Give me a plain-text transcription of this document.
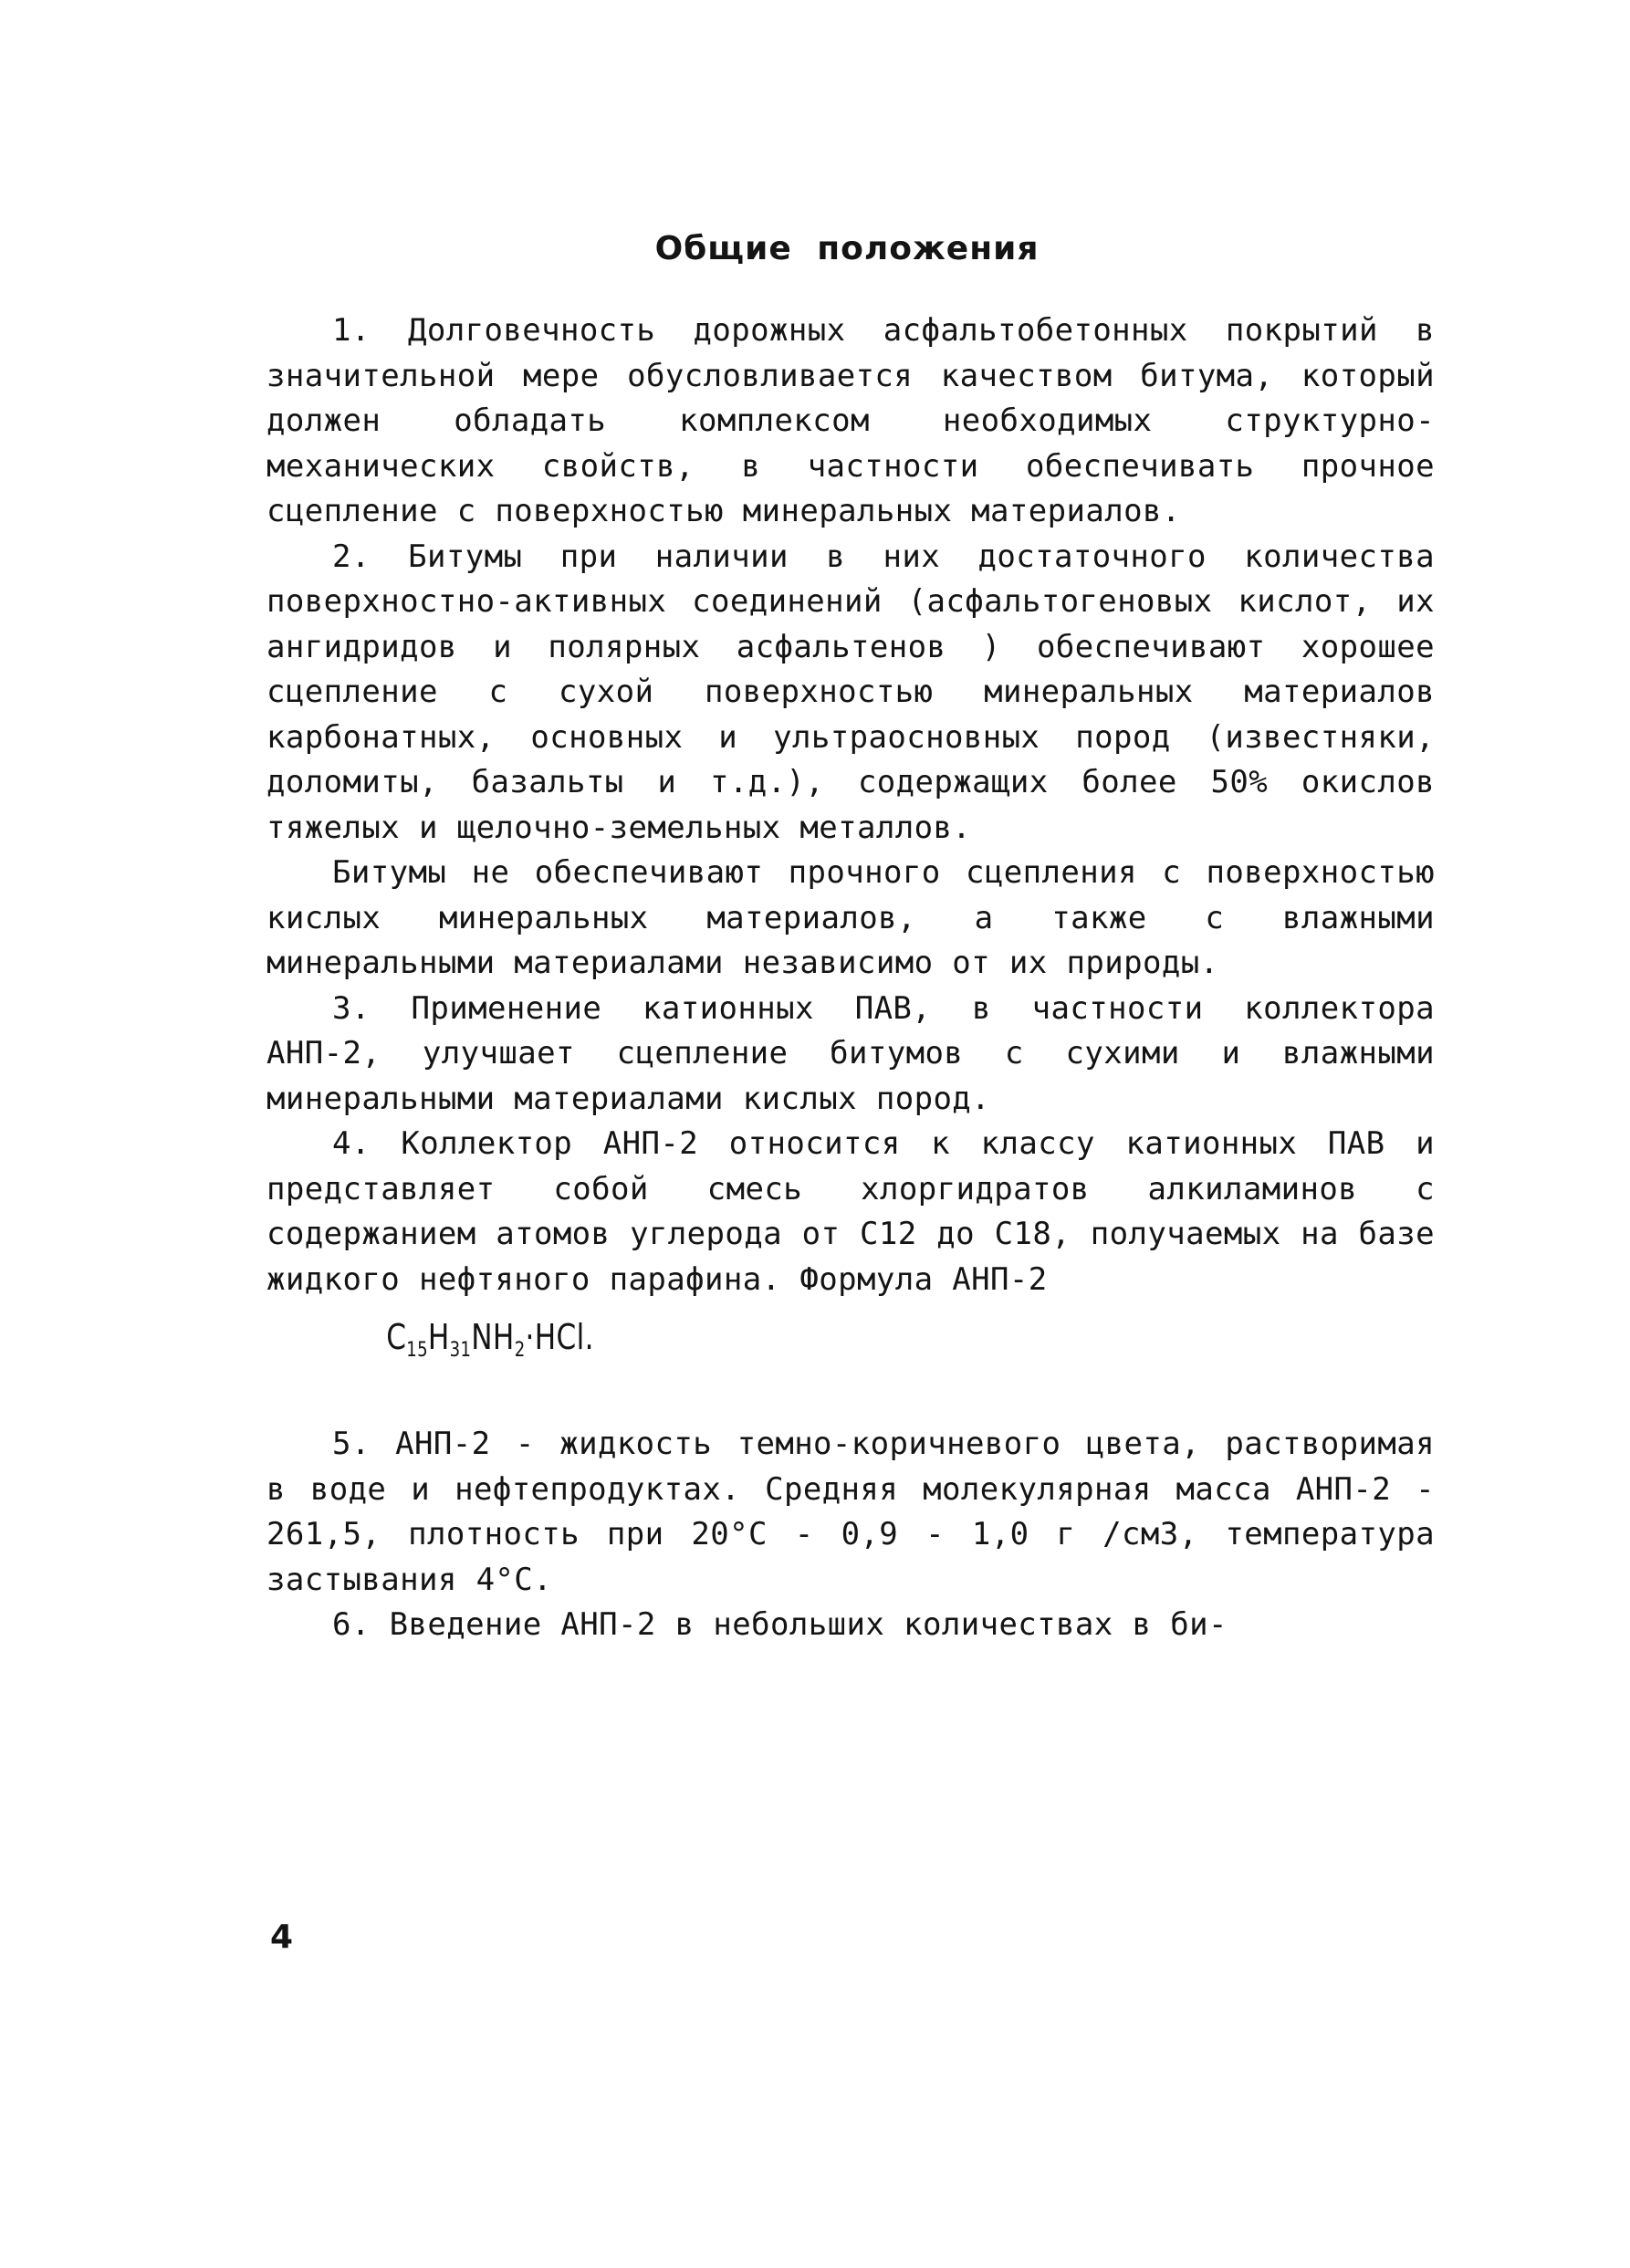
Общие положения

1. Долговечность дорожных асфальтобетонных покрытий в значительной мере обусловливается качеством битума, который должен обладать комплексом необходимых структурно-механических свойств, в частности обеспечивать прочное сцепление с поверхностью минеральных материалов.

2. Битумы при наличии в них достаточного количества поверхностно-активных соединений (асфальтогеновых кислот, их ангидридов и полярных асфальтенов ) обеспечивают хорошее сцепление с сухой поверхностью минеральных материалов карбонатных, основных и ультраосновных пород (известняки, доломиты, базальты и т.д.), содержащих более 50% окислов тяжелых и щелочно-земельных металлов.

Битумы не обеспечивают прочного сцепления с поверхностью кислых минеральных материалов, а также с влажными минеральными материалами независимо от их природы.

3. Применение катионных ПАВ, в частности коллектора АНП-2, улучшает сцепление битумов с сухими и влажными минеральными материалами кислых пород.

4. Коллектор АНП-2 относится к классу катионных ПАВ и представляет собой смесь хлоргидратов алкиламинов с содержанием атомов углерода от C12 до C18, получаемых на базе жидкого нефтяного парафина. Формула АНП-2

$C_{15}H_{31}NH_2\cdot HCl$.

5. АНП-2 - жидкость темно-коричневого цвета, растворимая в воде и нефтепродуктах. Средняя молекулярная масса АНП-2 - 261,5, плотность при 20°C - 0,9 - 1,0 г /см3, температура застывания 4°С.

6. Введение АНП-2 в небольших количествах в би-

4
